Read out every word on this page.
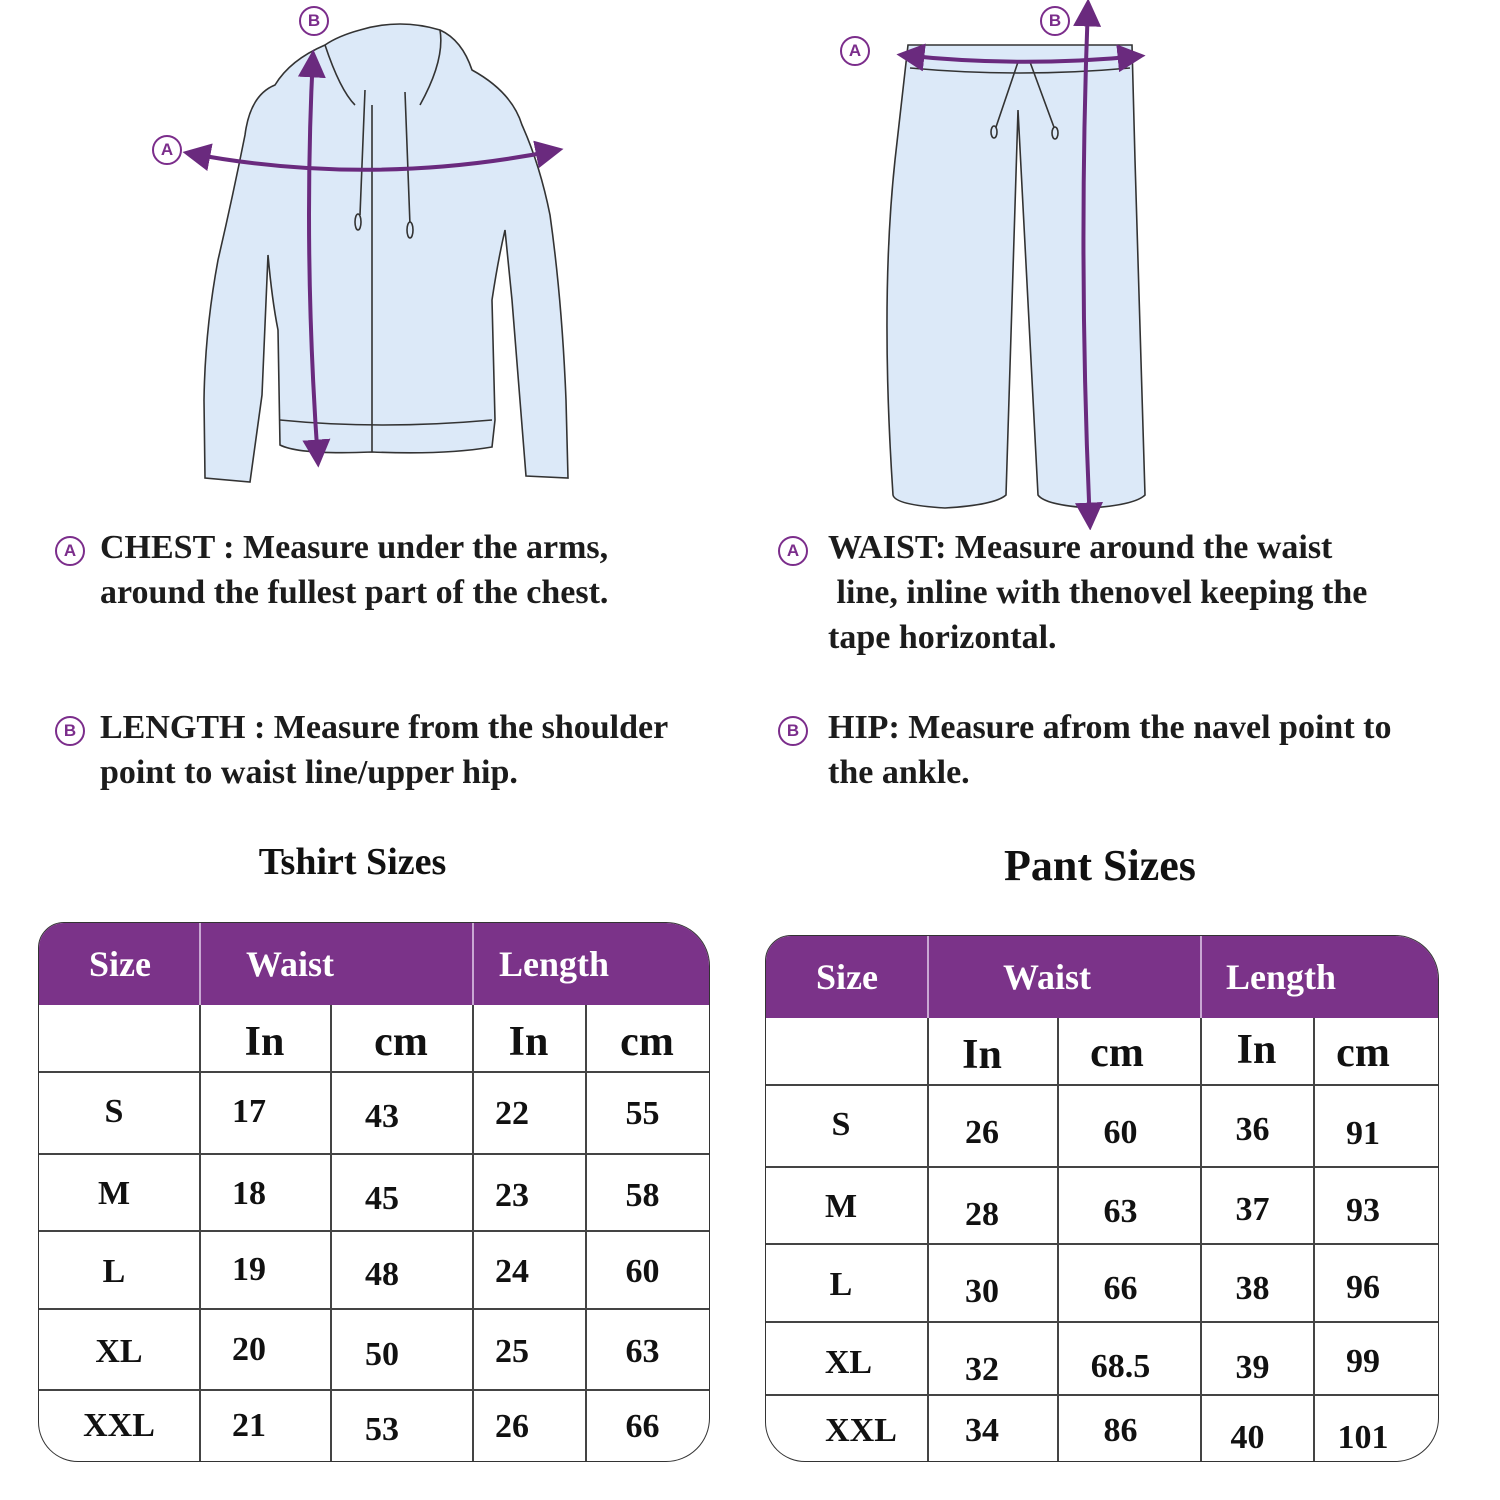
A
B
A
B
A CHEST : Measure under the arms,
around the fullest part of the chest.
B LENGTH : Measure from the shoulder
point to waist line/upper hip.
A WAIST: Measure around the waist
line, inline with thenovel keeping the
tape horizontal.
B HIP: Measure afrom the navel point to
the ankle.
Tshirt Sizes	Pant Sizes
Size	Waist	Length
In	cm	In	cm
S	17	43	22	55
M	18	45	23	58
L	19	48	24	60
XL	20	50	25	63
XXL	21	53	26	66
Size	Waist	Length
In	cm	In	cm
S	26	60	36	91
M	28	63	37	93
L	30	66	38	96
XL	32	68.5	39	99
XXL	34	86	40	101
